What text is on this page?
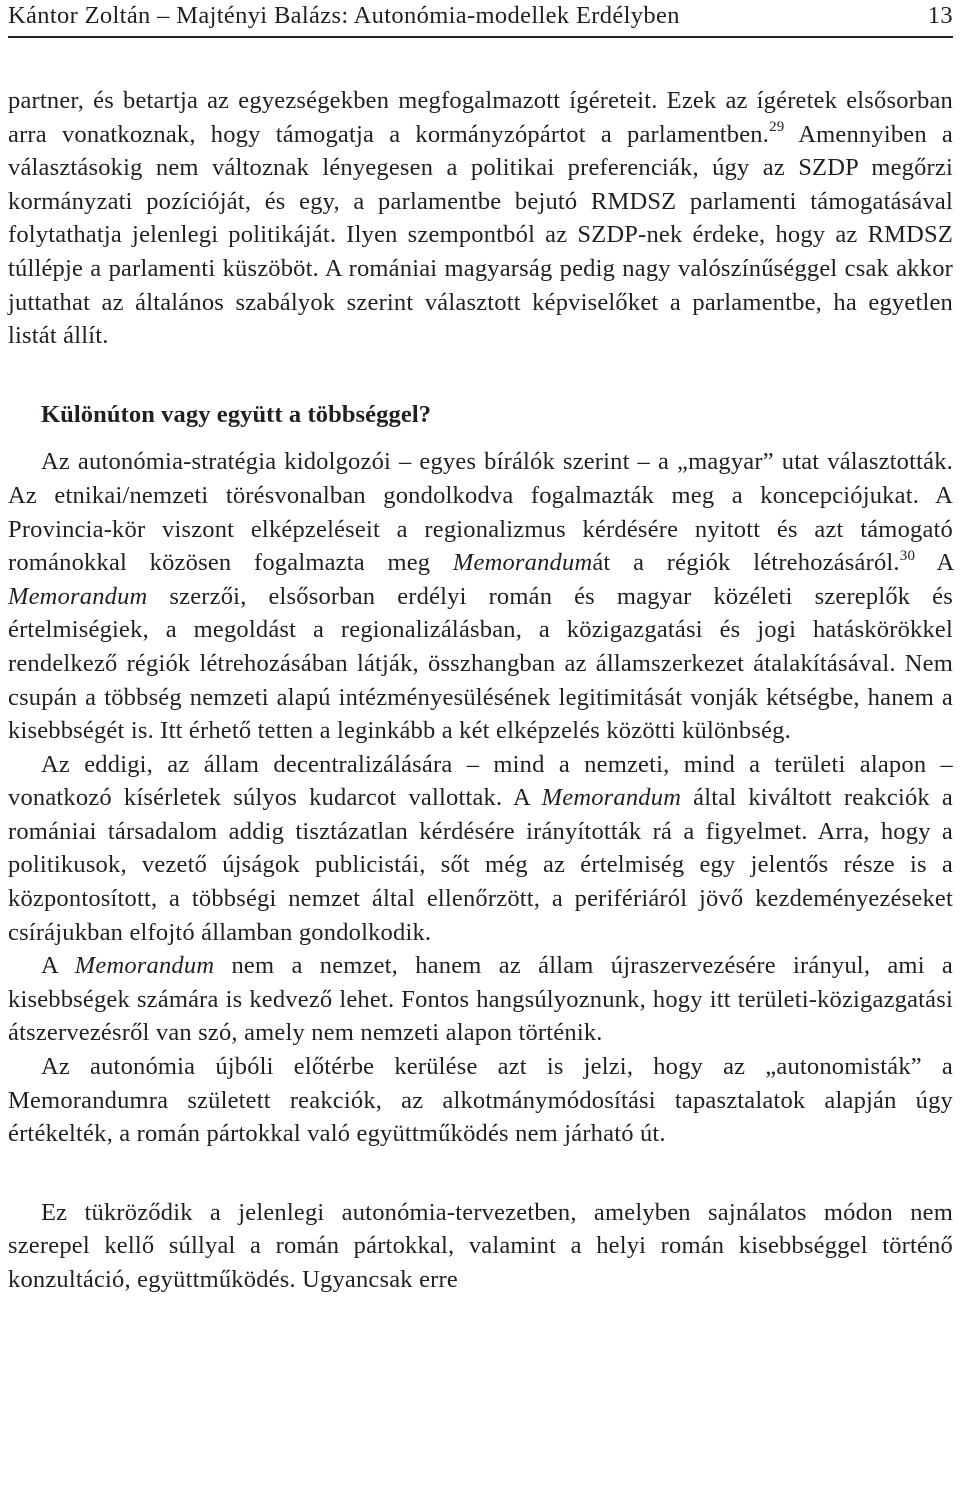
Kántor Zoltán – Majtényi Balázs: Autonómia-modellek Erdélyben	13

partner, és betartja az egyezségekben megfogalmazott ígéreteit. Ezek az ígéretek elsősorban arra vonatkoznak, hogy támogatja a kormányzópártot a parlamentben.$^{29}$ Amennyiben a választásokig nem változnak lényegesen a politikai preferenciák, úgy az SZDP megőrzi kormányzati pozícióját, és egy, a parlamentbe bejutó RMDSZ parlamenti támogatásával folytathatja jelenlegi politikáját. Ilyen szempontból az SZDP-nek érdeke, hogy az RMDSZ túllépje a parlamenti küszöböt. A romániai magyarság pedig nagy valószínűséggel csak akkor juttathat az általános szabályok szerint választott képviselőket a parlamentbe, ha egyetlen listát állít.

Különúton vagy együtt a többséggel?

Az autonómia-stratégia kidolgozói – egyes bírálók szerint – a „magyar” utat választották. Az etnikai/nemzeti törésvonalban gondolkodva fogalmazták meg a koncepciójukat. A Provincia-kör viszont elképzeléseit a regionalizmus kérdésére nyitott és azt támogató románokkal közösen fogalmazta meg Memorandumát a régiók létrehozásáról.$^{30}$ A Memorandum szerzői, elsősorban erdélyi román és magyar közéleti szereplők és értelmiségiek, a megoldást a regionalizálásban, a közigazgatási és jogi hatáskörökkel rendelkező régiók létrehozásában látják, összhangban az államszerkezet átalakításával. Nem csupán a többség nemzeti alapú intézményesülésének legitimitását vonják kétségbe, hanem a kisebbségét is. Itt érhető tetten a leginkább a két elképzelés közötti különbség.

Az eddigi, az állam decentralizálására – mind a nemzeti, mind a területi alapon – vonatkozó kísérletek súlyos kudarcot vallottak. A Memorandum által kiváltott reakciók a romániai társadalom addig tisztázatlan kérdésére irányították rá a figyelmet. Arra, hogy a politikusok, vezető újságok publicistái, sőt még az értelmiség egy jelentős része is a központosított, a többségi nemzet által ellenőrzött, a perifériáról jövő kezdeményezéseket csírájukban elfojtó államban gondolkodik.

A Memorandum nem a nemzet, hanem az állam újraszervezésére irányul, ami a kisebbségek számára is kedvező lehet. Fontos hangsúlyoznunk, hogy itt területi-közigazgatási átszervezésről van szó, amely nem nemzeti alapon történik.

Az autonómia újbóli előtérbe kerülése azt is jelzi, hogy az „autonomisták” a Memorandumra született reakciók, az alkotmánymódosítási tapasztalatok alapján úgy értékelték, a román pártokkal való együttműködés nem járható út.

Ez tükröződik a jelenlegi autonómia-tervezetben, amelyben sajnálatos módon nem szerepel kellő súllyal a román pártokkal, valamint a helyi román kisebbséggel történő konzultáció, együttműködés. Ugyancsak erre
